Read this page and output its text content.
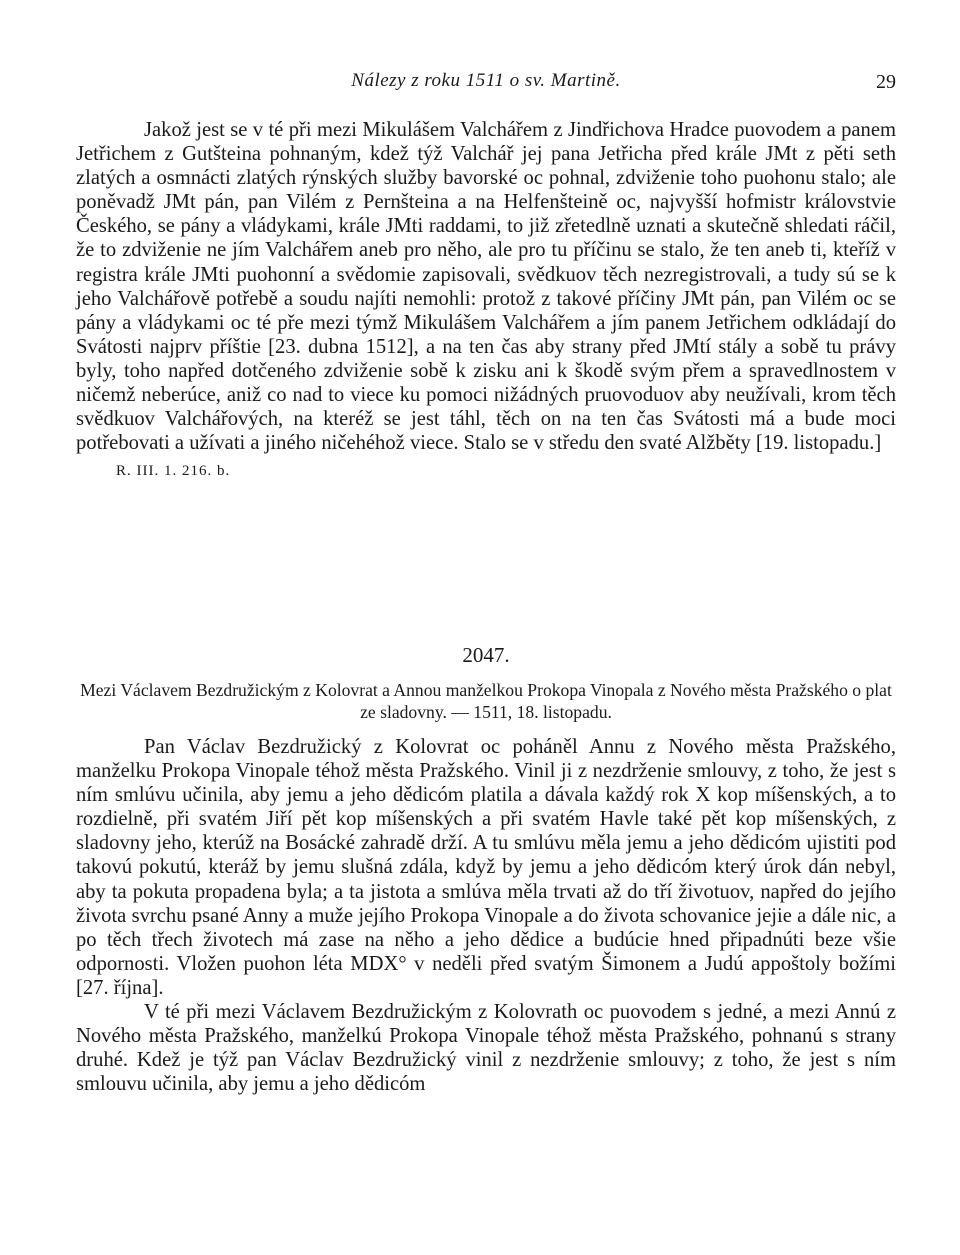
Nálezy z roku 1511 o sv. Martině.	29

Jakož jest se v té při mezi Mikulášem Valchářem z Jindřichova Hradce puovodem a panem Jetřichem z Gutšteina pohnaným, kdež týž Valchář jej pana Jetřicha před krále JMt z pěti seth zlatých a osmnácti zlatých rýnských služby bavorské oc pohnal, zdviženie toho puohonu stalo; ale poněvadž JMt pán, pan Vilém z Pernšteina a na Helfenšteině oc, najvyšší hofmistr královstvie Českého, se pány a vládykami, krále JMti raddami, to již zřetedlně uznati a skutečně shledati ráčil, že to zdviženie ne jím Valchářem aneb pro něho, ale pro tu příčinu se stalo, že ten aneb ti, kteříž v registra krále JMti puohonní a svědomie zapisovali, svědkuov těch nezregistrovali, a tudy sú se k jeho Valchářově potřebě a soudu najíti nemohli: protož z takové příčiny JMt pán, pan Vilém oc se pány a vládykami oc té pře mezi týmž Mikulášem Valchářem a jím panem Jetřichem odkládají do Svátosti najprv příštie [23. dubna 1512], a na ten čas aby strany před JMtí stály a sobě tu právy byly, toho napřed dotčeného zdviženie sobě k zisku ani k škodě svým přem a spravedlnostem v ničemž neberúce, aniž co nad to viece ku pomoci nižádných pruovoduov aby neužívali, krom těch svědkuov Valchářových, na kteréž se jest táhl, těch on na ten čas Svátosti má a bude moci potřebovati a užívati a jiného ničehéhož viece. Stalo se v středu den svaté Alžběty [19. listopadu.]

R. III. 1. 216. b.
2047.
Mezi Václavem Bezdružickým z Kolovrat a Annou manželkou Prokopa Vinopala z Nového města Pražského o plat ze sladovny. — 1511, 18. listopadu.

Pan Václav Bezdružický z Kolovrat oc poháněl Annu z Nového města Pražského, manželku Prokopa Vinopale téhož města Pražského. Vinil ji z nezdrženie smlouvy, z toho, že jest s ním smlúvu učinila, aby jemu a jeho dědicóm platila a dávala každý rok X kop míšenských, a to rozdielně, při svatém Jiří pět kop míšenských a při svatém Havle také pět kop míšenských, z sladovny jeho, kterúž na Bosácké zahradě drží. A tu smlúvu měla jemu a jeho dědicóm ujistiti pod takovú pokutú, kteráž by jemu slušná zdála, když by jemu a jeho dědicóm který úrok dán nebyl, aby ta pokuta propadena byla; a ta jistota a smlúva měla trvati až do tří životuov, napřed do jejího života svrchu psané Anny a muže jejího Prokopa Vinopale a do života schovanice jejie a dále nic, a po těch třech životech má zase na něho a jeho dědice a budúcie hned připadnúti beze všie odpornosti. Vložen puohon léta MDX° v neděli před svatým Šimonem a Judú appoštoly božími [27. října].

V té při mezi Václavem Bezdružickým z Kolovrath oc puovodem s jedné, a mezi Annú z Nového města Pražského, manželkú Prokopa Vinopale téhož města Pražského, pohnanú s strany druhé. Kdež je týž pan Václav Bezdružický vinil z nezdrženie smlouvy; z toho, že jest s ním smlouvu učinila, aby jemu a jeho dědicóm
